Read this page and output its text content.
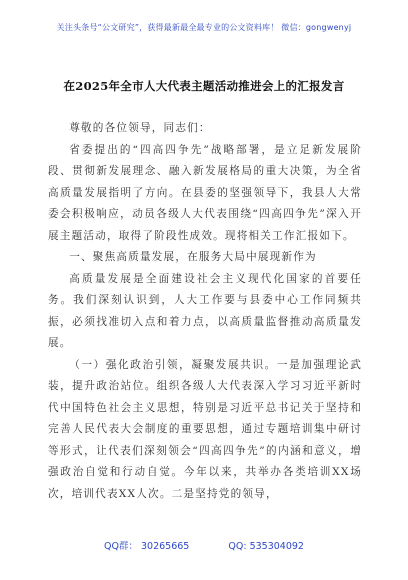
关注头条号“公文研究”，获得最新最全最专业的公文资料库！ 微信：gongwenyj
在2025年全市人大代表主题活动推进会上的汇报发言

尊敬的各位领导，同志们：

省委提出的“四高四争先”战略部署，是立足新发展阶段、贯彻新发展理念、融入新发展格局的重大决策，为全省高质量发展指明了方向。在县委的坚强领导下，我县人大常委会积极响应，动员各级人大代表围绕“四高四争先”深入开展主题活动，取得了阶段性成效。现将相关工作汇报如下。

一、聚焦高质量发展，在服务大局中展现新作为

高质量发展是全面建设社会主义现代化国家的首要任务。我们深刻认识到，人大工作要与县委中心工作同频共振，必须找准切入点和着力点，以高质量监督推动高质量发展。

（一）强化政治引领，凝聚发展共识。一是加强理论武装，提升政治站位。组织各级人大代表深入学习习近平新时代中国特色社会主义思想，特别是习近平总书记关于坚持和完善人民代表大会制度的重要思想，通过专题培训集中研讨等形式，让代表们深刻领会“四高四争先”的内涵和意义，增强政治自觉和行动自觉。今年以来，共举办各类培训XX场次，培训代表XX人次。二是坚持党的领导，

QQ群： 30265665	QQ: 535304092
